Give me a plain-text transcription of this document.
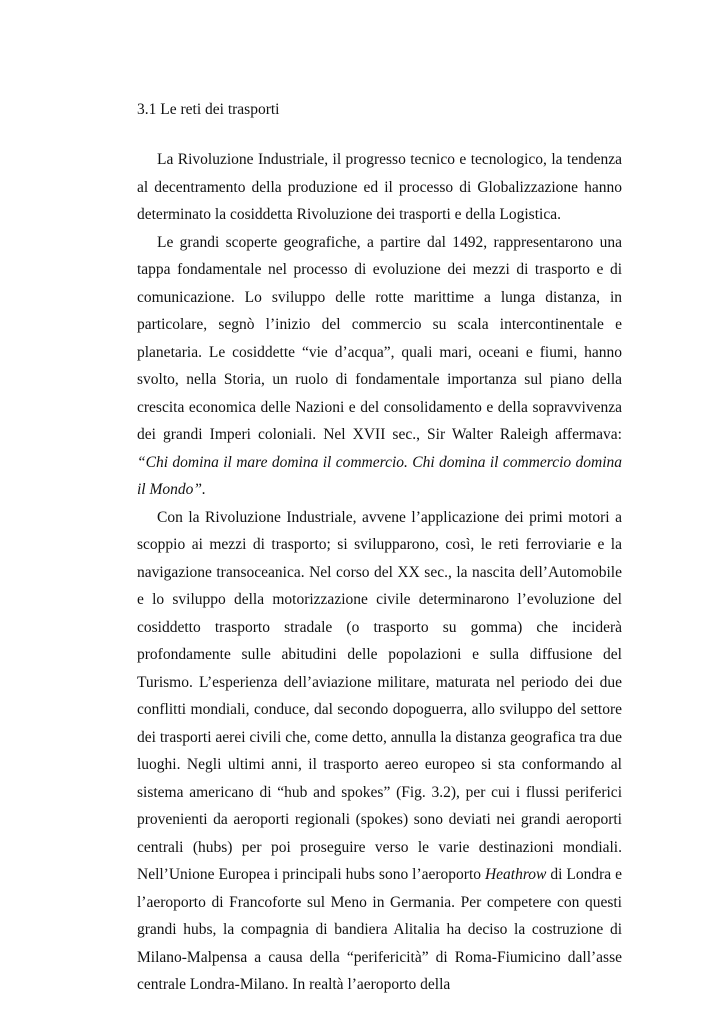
3.1 Le reti dei trasporti

La Rivoluzione Industriale, il progresso tecnico e tecnologico, la tendenza al decentramento della produzione ed il processo di Globalizzazione hanno determinato la cosiddetta Rivoluzione dei trasporti e della Logistica.

Le grandi scoperte geografiche, a partire dal 1492, rappresentarono una tappa fondamentale nel processo di evoluzione dei mezzi di trasporto e di comunicazione. Lo sviluppo delle rotte marittime a lunga distanza, in particolare, segnò l’inizio del commercio su scala intercontinentale e planetaria. Le cosiddette “vie d’acqua”, quali mari, oceani e fiumi, hanno svolto, nella Storia, un ruolo di fondamentale importanza sul piano della crescita economica delle Nazioni e del consolidamento e della sopravvivenza dei grandi Imperi coloniali. Nel XVII sec., Sir Walter Raleigh affermava: “Chi domina il mare domina il commercio. Chi domina il commercio domina il Mondo”.

Con la Rivoluzione Industriale, avvene l’applicazione dei primi motori a scoppio ai mezzi di trasporto; si svilupparono, così, le reti ferroviarie e la navigazione transoceanica. Nel corso del XX sec., la nascita dell’Automobile e lo sviluppo della motorizzazione civile determinarono l’evoluzione del cosiddetto trasporto stradale (o trasporto su gomma) che inciderà profondamente sulle abitudini delle popolazioni e sulla diffusione del Turismo. L’esperienza dell’aviazione militare, maturata nel periodo dei due conflitti mondiali, conduce, dal secondo dopoguerra, allo sviluppo del settore dei trasporti aerei civili che, come detto, annulla la distanza geografica tra due luoghi. Negli ultimi anni, il trasporto aereo europeo si sta conformando al sistema americano di “hub and spokes” (Fig. 3.2), per cui i flussi periferici provenienti da aeroporti regionali (spokes) sono deviati nei grandi aeroporti centrali (hubs) per poi proseguire verso le varie destinazioni mondiali. Nell’Unione Europea i principali hubs sono l’aeroporto Heathrow di Londra e l’aeroporto di Francoforte sul Meno in Germania. Per competere con questi grandi hubs, la compagnia di bandiera Alitalia ha deciso la costruzione di Milano-Malpensa a causa della “perifericità” di Roma-Fiumicino dall’asse centrale Londra-Milano. In realtà l’aeroporto della
